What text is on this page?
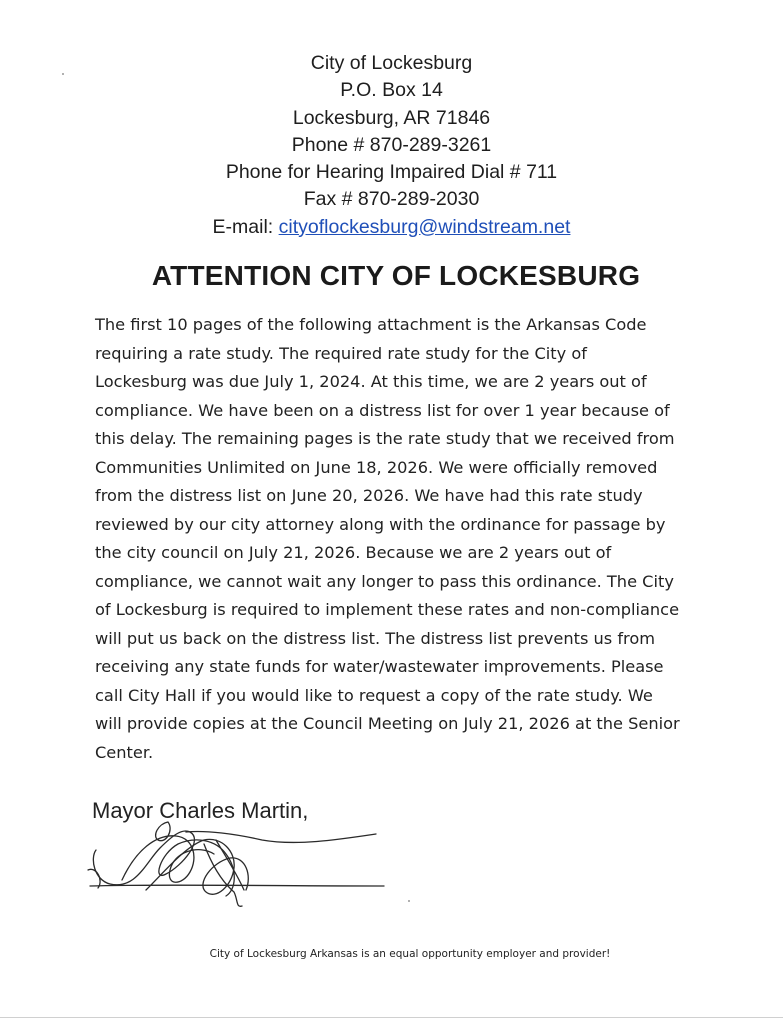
City of Lockesburg
P.O. Box 14
Lockesburg, AR 71846
Phone # 870-289-3261
Phone for Hearing Impaired Dial # 711
Fax # 870-289-2030
E-mail: cityoflockesburg@windstream.net
ATTENTION CITY OF LOCKESBURG
The first 10 pages of the following attachment is the Arkansas Code
requiring a rate study. The required rate study for the City of
Lockesburg was due July 1, 2024. At this time, we are 2 years out of
compliance. We have been on a distress list for over 1 year because of
this delay. The remaining pages is the rate study that we received from
Communities Unlimited on June 18, 2026. We were officially removed
from the distress list on June 20, 2026. We have had this rate study
reviewed by our city attorney along with the ordinance for passage by
the city council on July 21, 2026. Because we are 2 years out of
compliance, we cannot wait any longer to pass this ordinance. The City
of Lockesburg is required to implement these rates and non-compliance
will put us back on the distress list. The distress list prevents us from
receiving any state funds for water/wastewater improvements. Please
call City Hall if you would like to request a copy of the rate study. We
will provide copies at the Council Meeting on July 21, 2026 at the Senior
Center.
Mayor Charles Martin,
City of Lockesburg Arkansas is an equal opportunity employer and provider!
